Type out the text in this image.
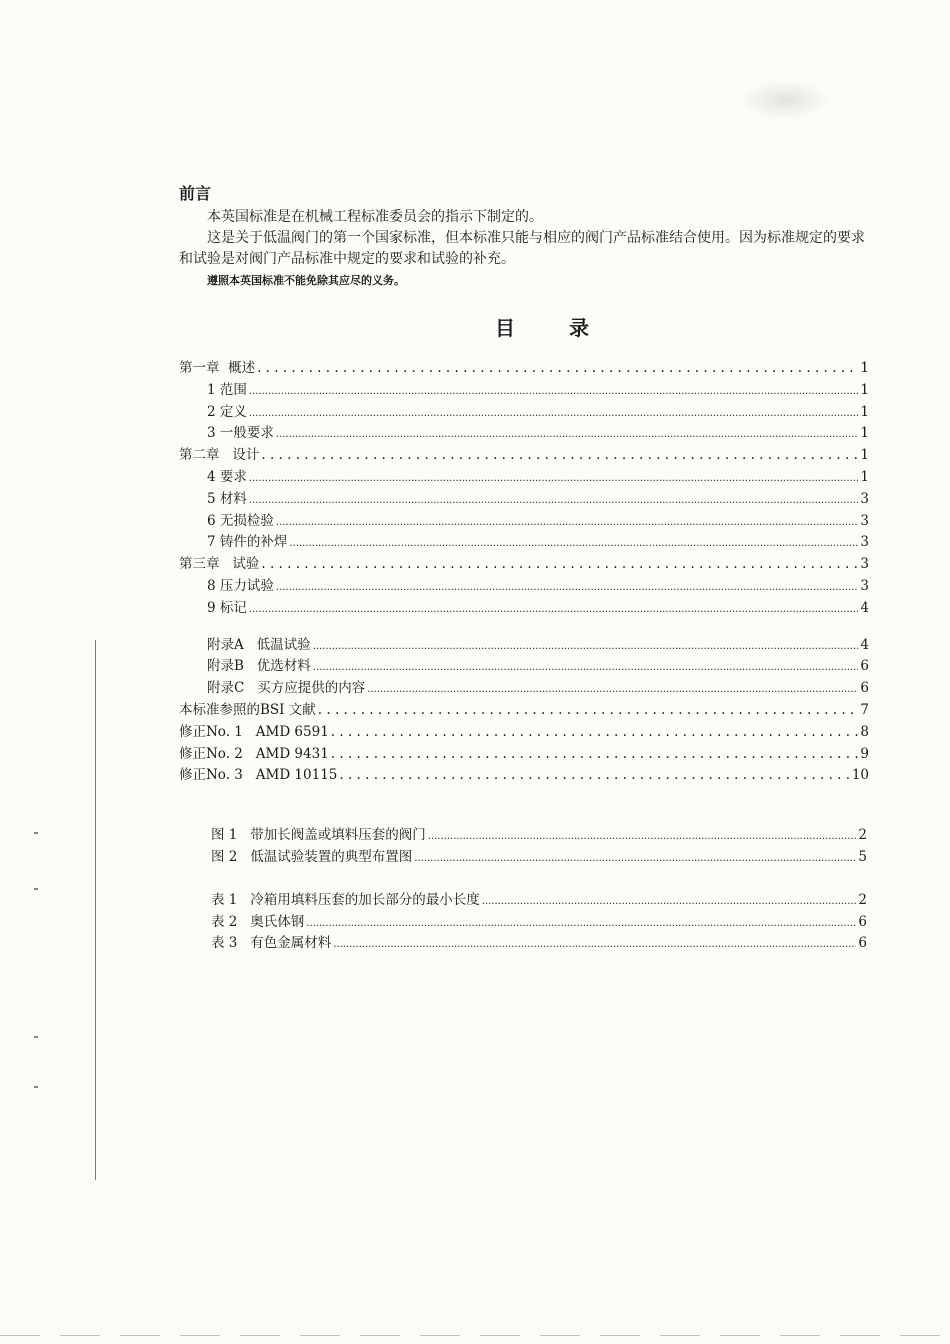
前言

本英国标准是在机械工程标准委员会的指示下制定的。

这是关于低温阀门的第一个国家标准，但本标准只能与相应的阀门产品标准结合使用。因为标准规定的要求和试验是对阀门产品标准中规定的要求和试验的补充。

遵照本英国标准不能免除其应尽的义务。

目录
第一章  概述 . . .	1
1 范围 .....	1
2 定义 .....	1
3 一般要求 .....	1
第二章   设计 . . .	1
4 要求 .....	1
5 材料 .....	3
6 无损检验 .....	3
7 铸件的补焊 .....	3
第三章   试验 . . .	3
8 压力试验 .....	3
9 标记 .....	4
附录A   低温试验 .....	4
附录B   优选材料 .....	6
附录C   买方应提供的内容 .....	6
本标准参照的BSI 文献 . . .	7
修正No. 1   AMD 6591 . . .	8
修正No. 2   AMD 9431 . . .	9
修正No. 3   AMD 10115 . . .	10
图 1   带加长阀盖或填料压套的阀门 .....	2
图 2   低温试验装置的典型布置图 .....	5
表 1   冷箱用填料压套的加长部分的最小长度 .....	2
表 2   奥氏体钢 .....	6
表 3   有色金属材料 .....	6
